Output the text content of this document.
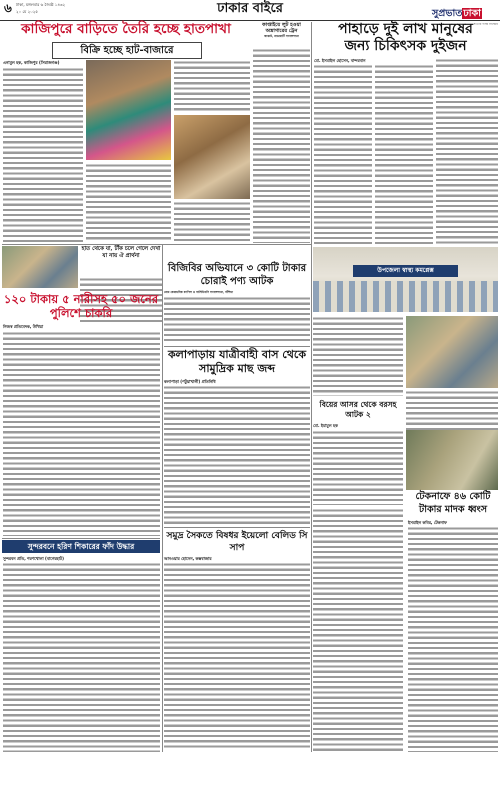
৬ ঢাকা, মঙ্গলবার ৬ জ্যৈষ্ঠ ১৪৩২
২০ মে ২০২৫	ঢাকার বাইরে	সুপ্রভাতঢাকা
সত্যের পক্ষে সবসময়
কাজিপুরে বাড়িতে তৈরি হচ্ছে হাতপাখা
বিক্রি হচ্ছে হাট-বাজারে
এনামুল হক, কাজিপুর (সিরাজগঞ্জ)
কাপ্তাইয়ে লুট হওয়া অস্ত্রাগারের ট্রেন
কাপ্তাই, রাঙামাটি সংবাদদাতা	পাহাড়ে দুই লাখ মানুষের
জন্য চিকিৎসক দুইজন
মো. ইসমাইল হোসেন, বান্দরবান
উপজেলা স্বাস্থ্য কমপ্লেক্স
হাত থেকে যা, টাঁক চলে গেলে দেখা যা নায় ঐ প্রার্থনা
১২০ টাকায় ৫ নারীসহ ৫০ জনের পুলিশে চাকরি
নিজস্ব প্রতিবেদক, উখিয়া
বিজিবির অভিযানে ৩ কোটি টাকার চোরাই পণ্য আটক
রোম কেয়ামবিক কাপিল ও বাসিমিতনি সংবাদদাতা, বাঁশিয়া
কলাপাড়ায় যাত্রীবাহী বাস থেকে সামুদ্রিক মাছ জব্দ
কলাপাড়া (পটুয়াখালী) প্রতিনিধি
সমুদ্র সৈকতে বিষধর ইয়েলো বেলিড সি সাপ
আনওয়ার হোসেন, কক্সবাজার
সুন্দরবনে হরিণ শিকারের ফাঁদ উদ্ধার
সুন্দরবন প্রতি, শরণখোলা (বাগেরহাট)
বিয়ের আসর থেকে বরসহ আটক ২
মো. ইমামুল হক
টেকনাফে ৪৬ কোটি
টাকার মাদক ধ্বংস
ইসমাইল কবির, টেকনাফ
